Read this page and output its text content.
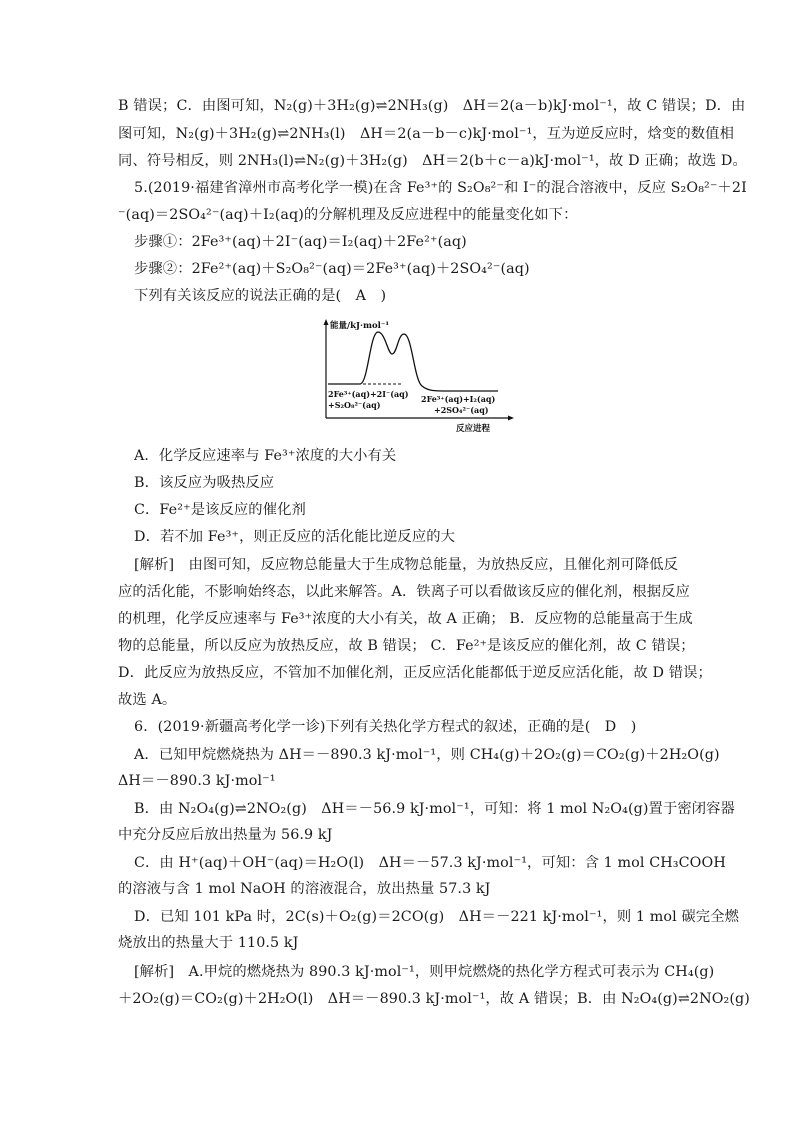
B 错误；C．由图可知，N₂(g)＋3H₂(g)⇌2NH₃(g)　ΔH＝2(a－b)kJ·mol⁻¹，故 C 错误；D．由
图可知，N₂(g)＋3H₂(g)⇌2NH₃(l)　ΔH＝2(a－b－c)kJ·mol⁻¹，互为逆反应时，焓变的数值相
同、符号相反，则 2NH₃(l)⇌N₂(g)＋3H₂(g)　ΔH＝2(b＋c－a)kJ·mol⁻¹，故 D 正确；故选 D。
5.(2019·福建省漳州市高考化学一模)在含 Fe³⁺的 S₂O₈²⁻和 I⁻的混合溶液中，反应 S₂O₈²⁻＋2I
⁻(aq)＝2SO₄²⁻(aq)＋I₂(aq)的分解机理及反应进程中的能量变化如下：
步骤①：2Fe³⁺(aq)＋2I⁻(aq)＝I₂(aq)＋2Fe²⁺(aq)
步骤②：2Fe²⁺(aq)＋S₂O₈²⁻(aq)＝2Fe³⁺(aq)＋2SO₄²⁻(aq)
下列有关该反应的说法正确的是(　A　)
能量/kJ·mol⁻¹
2Fe³⁺(aq)+2I⁻(aq)
+S₂O₈²⁻(aq)
2Fe³⁺(aq)+I₂(aq)
+2SO₄²⁻(aq)
反应进程
A．化学反应速率与 Fe³⁺浓度的大小有关
B．该反应为吸热反应
C．Fe²⁺是该反应的催化剂
D．若不加 Fe³⁺，则正反应的活化能比逆反应的大
[解析]　由图可知，反应物总能量大于生成物总能量，为放热反应，且催化剂可降低反
应的活化能，不影响始终态，以此来解答。A．铁离子可以看做该反应的催化剂，根据反应
的机理，化学反应速率与 Fe³⁺浓度的大小有关，故 A 正确； B．反应物的总能量高于生成
物的总能量，所以反应为放热反应，故 B 错误； C．Fe²⁺是该反应的催化剂，故 C 错误；
D．此反应为放热反应，不管加不加催化剂，正反应活化能都低于逆反应活化能，故 D 错误；
故选 A。
6．(2019·新疆高考化学一诊)下列有关热化学方程式的叙述，正确的是(　D　)
A．已知甲烷燃烧热为 ΔH＝－890.3 kJ·mol⁻¹，则 CH₄(g)＋2O₂(g)＝CO₂(g)＋2H₂O(g)
ΔH＝－890.3 kJ·mol⁻¹
B．由 N₂O₄(g)⇌2NO₂(g)　ΔH＝－56.9 kJ·mol⁻¹，可知：将 1 mol N₂O₄(g)置于密闭容器
中充分反应后放出热量为 56.9 kJ
C．由 H⁺(aq)＋OH⁻(aq)＝H₂O(l)　ΔH＝－57.3 kJ·mol⁻¹，可知：含 1 mol CH₃COOH
的溶液与含 1 mol NaOH 的溶液混合，放出热量 57.3 kJ
D．已知 101 kPa 时，2C(s)＋O₂(g)＝2CO(g)　ΔH＝－221 kJ·mol⁻¹，则 1 mol 碳完全燃
烧放出的热量大于 110.5 kJ
[解析]　A.甲烷的燃烧热为 890.3 kJ·mol⁻¹，则甲烷燃烧的热化学方程式可表示为 CH₄(g)
＋2O₂(g)＝CO₂(g)＋2H₂O(l)　ΔH＝－890.3 kJ·mol⁻¹，故 A 错误；B．由 N₂O₄(g)⇌2NO₂(g)
